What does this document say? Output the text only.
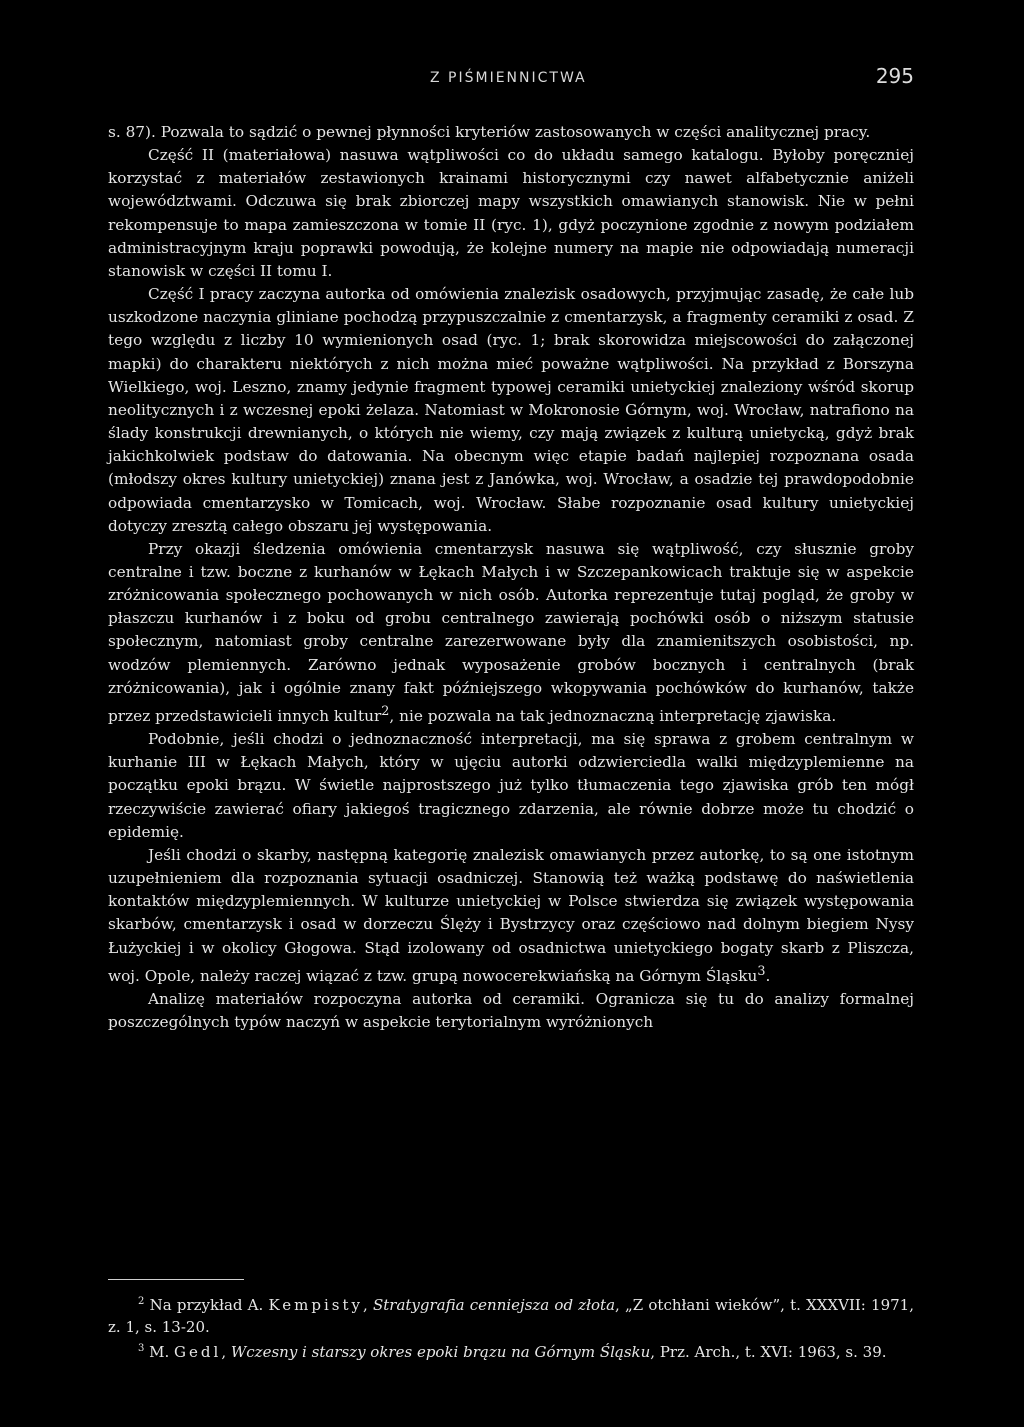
Z PIŚMIENNICTWA	295

s. 87). Pozwala to sądzić o pewnej płynności kryteriów zastosowanych w części analitycznej pracy.

Część II (materiałowa) nasuwa wątpliwości co do układu samego katalogu. Byłoby poręczniej korzystać z materiałów zestawionych krainami historycznymi czy nawet alfabetycznie aniżeli województwami. Odczuwa się brak zbiorczej mapy wszystkich omawianych stanowisk. Nie w pełni rekompensuje to mapa zamieszczona w tomie II (ryc. 1), gdyż poczynione zgodnie z nowym podziałem administracyjnym kraju poprawki powodują, że kolejne numery na mapie nie odpowiadają numeracji stanowisk w części II tomu I.

Część I pracy zaczyna autorka od omówienia znalezisk osadowych, przyjmując zasadę, że całe lub uszkodzone naczynia gliniane pochodzą przypuszczalnie z cmentarzysk, a fragmenty ceramiki z osad. Z tego względu z liczby 10 wymienionych osad (ryc. 1; brak skorowidza miejscowości do załączonej mapki) do charakteru niektórych z nich można mieć poważne wątpliwości. Na przykład z Borszyna Wielkiego, woj. Leszno, znamy jedynie fragment typowej ceramiki unietyckiej znaleziony wśród skorup neolitycznych i z wczesnej epoki żelaza. Natomiast w Mokronosie Górnym, woj. Wrocław, natrafiono na ślady konstrukcji drewnianych, o których nie wiemy, czy mają związek z kulturą unietycką, gdyż brak jakichkolwiek podstaw do datowania. Na obecnym więc etapie badań najlepiej rozpoznana osada (młodszy okres kultury unietyckiej) znana jest z Janówka, woj. Wrocław, a osadzie tej prawdopodobnie odpowiada cmentarzysko w Tomicach, woj. Wrocław. Słabe rozpoznanie osad kultury unietyckiej dotyczy zresztą całego obszaru jej występowania.

Przy okazji śledzenia omówienia cmentarzysk nasuwa się wątpliwość, czy słusznie groby centralne i tzw. boczne z kurhanów w Łękach Małych i w Szczepankowicach traktuje się w aspekcie zróżnicowania społecznego pochowanych w nich osób. Autorka reprezentuje tutaj pogląd, że groby w płaszczu kurhanów i z boku od grobu centralnego zawierają pochówki osób o niższym statusie społecznym, natomiast groby centralne zarezerwowane były dla znamienitszych osobistości, np. wodzów plemiennych. Zarówno jednak wyposażenie grobów bocznych i centralnych (brak zróżnicowania), jak i ogólnie znany fakt późniejszego wkopywania pochówków do kurhanów, także przez przedstawicieli innych kultur$^2$, nie pozwala na tak jednoznaczną interpretację zjawiska.

Podobnie, jeśli chodzi o jednoznaczność interpretacji, ma się sprawa z grobem centralnym w kurhanie III w Łękach Małych, który w ujęciu autorki odzwierciedla walki międzyplemienne na początku epoki brązu. W świetle najprostszego już tylko tłumaczenia tego zjawiska grób ten mógł rzeczywiście zawierać ofiary jakiegoś tragicznego zdarzenia, ale równie dobrze może tu chodzić o epidemię.

Jeśli chodzi o skarby, następną kategorię znalezisk omawianych przez autorkę, to są one istotnym uzupełnieniem dla rozpoznania sytuacji osadniczej. Stanowią też ważką podstawę do naświetlenia kontaktów międzyplemiennych. W kulturze unietyckiej w Polsce stwierdza się związek występowania skarbów, cmentarzysk i osad w dorzeczu Ślęży i Bystrzycy oraz częściowo nad dolnym biegiem Nysy Łużyckiej i w okolicy Głogowa. Stąd izolowany od osadnictwa unietyckiego bogaty skarb z Pliszcza, woj. Opole, należy raczej wiązać z tzw. grupą nowocerekwiańską na Górnym Śląsku$^3$.

Analizę materiałów rozpoczyna autorka od ceramiki. Ogranicza się tu do analizy formalnej poszczególnych typów naczyń w aspekcie terytorialnym wyróżnionych

$^2$ Na przykład A. Kempisty, Stratygrafia cenniejsza od złota, „Z otchłani wieków”, t. XXXVII: 1971, z. 1, s. 13-20.

$^3$ M. Gedl, Wczesny i starszy okres epoki brązu na Górnym Śląsku, Prz. Arch., t. XVI: 1963, s. 39.
